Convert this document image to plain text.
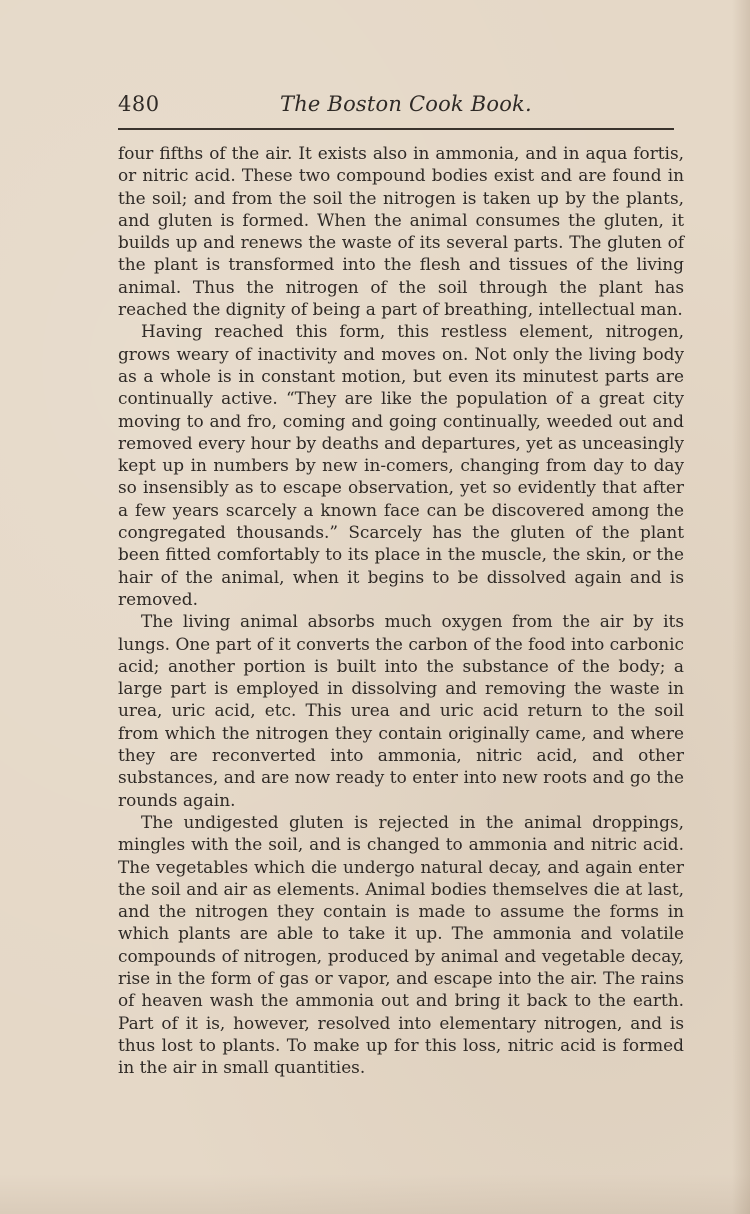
480	The Boston Cook Book.

four fifths of the air. It exists also in ammonia, and in aqua fortis, or nitric acid. These two compound bodies exist and are found in the soil; and from the soil the nitrogen is taken up by the plants, and gluten is formed. When the animal consumes the gluten, it builds up and renews the waste of its several parts. The gluten of the plant is transformed into the flesh and tissues of the living animal. Thus the nitrogen of the soil through the plant has reached the dignity of being a part of breathing, intellectual man.

Having reached this form, this restless element, nitrogen, grows weary of inactivity and moves on. Not only the living body as a whole is in constant motion, but even its minutest parts are continually active. “They are like the population of a great city moving to and fro, coming and going continually, weeded out and removed every hour by deaths and departures, yet as unceasingly kept up in numbers by new in-comers, changing from day to day so insensibly as to escape observation, yet so evidently that after a few years scarcely a known face can be discovered among the congregated thousands.” Scarcely has the gluten of the plant been fitted comfortably to its place in the muscle, the skin, or the hair of the animal, when it begins to be dissolved again and is removed.

The living animal absorbs much oxygen from the air by its lungs. One part of it converts the carbon of the food into carbonic acid; another portion is built into the substance of the body; a large part is employed in dissolving and removing the waste in urea, uric acid, etc. This urea and uric acid return to the soil from which the nitrogen they contain originally came, and where they are reconverted into ammonia, nitric acid, and other substances, and are now ready to enter into new roots and go the rounds again.

The undigested gluten is rejected in the animal droppings, mingles with the soil, and is changed to ammonia and nitric acid. The vegetables which die undergo natural decay, and again enter the soil and air as elements. Animal bodies themselves die at last, and the nitrogen they contain is made to assume the forms in which plants are able to take it up. The ammonia and volatile compounds of nitrogen, produced by animal and vegetable decay, rise in the form of gas or vapor, and escape into the air. The rains of heaven wash the ammonia out and bring it back to the earth. Part of it is, however, resolved into elementary nitrogen, and is thus lost to plants. To make up for this loss, nitric acid is formed in the air in small quantities.
